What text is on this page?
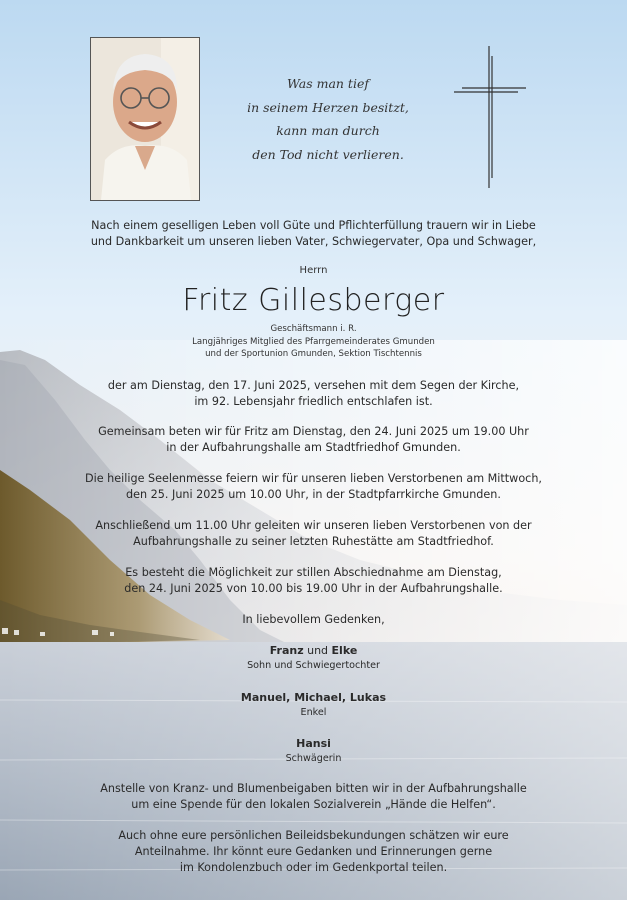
Was man tief
in seinem Herzen besitzt,
kann man durch
den Tod nicht verlieren.
Nach einem geselligen Leben voll Güte und Pflichterfüllung trauern wir in Liebe
und Dankbarkeit um unseren lieben Vater, Schwiegervater, Opa und Schwager,
Herrn
Fritz Gillesberger
Geschäftsmann i. R.
Langjähriges Mitglied des Pfarrgemeinderates Gmunden
und der Sportunion Gmunden, Sektion Tischtennis
der am Dienstag, den 17. Juni 2025, versehen mit dem Segen der Kirche,
im 92. Lebensjahr friedlich entschlafen ist.
Gemeinsam beten wir für Fritz am Dienstag, den 24. Juni 2025 um 19.00 Uhr
in der Aufbahrungshalle am Stadtfriedhof Gmunden.
Die heilige Seelenmesse feiern wir für unseren lieben Verstorbenen am Mittwoch,
den 25. Juni 2025 um 10.00 Uhr, in der Stadtpfarrkirche Gmunden.
Anschließend um 11.00 Uhr geleiten wir unseren lieben Verstorbenen von der
Aufbahrungshalle zu seiner letzten Ruhestätte am Stadtfriedhof.
Es besteht die Möglichkeit zur stillen Abschiednahme am Dienstag,
den 24. Juni 2025 von 10.00 bis 19.00 Uhr in der Aufbahrungshalle.
In liebevollem Gedenken,
Franz und Elke
Sohn und Schwiegertochter
Manuel, Michael, Lukas
Enkel
Hansi
Schwägerin
Anstelle von Kranz- und Blumenbeigaben bitten wir in der Aufbahrungshalle
um eine Spende für den lokalen Sozialverein „Hände die Helfen“.
Auch ohne eure persönlichen Beileidsbekundungen schätzen wir eure
Anteilnahme. Ihr könnt eure Gedanken und Erinnerungen gerne
im Kondolenzbuch oder im Gedenkportal teilen.
